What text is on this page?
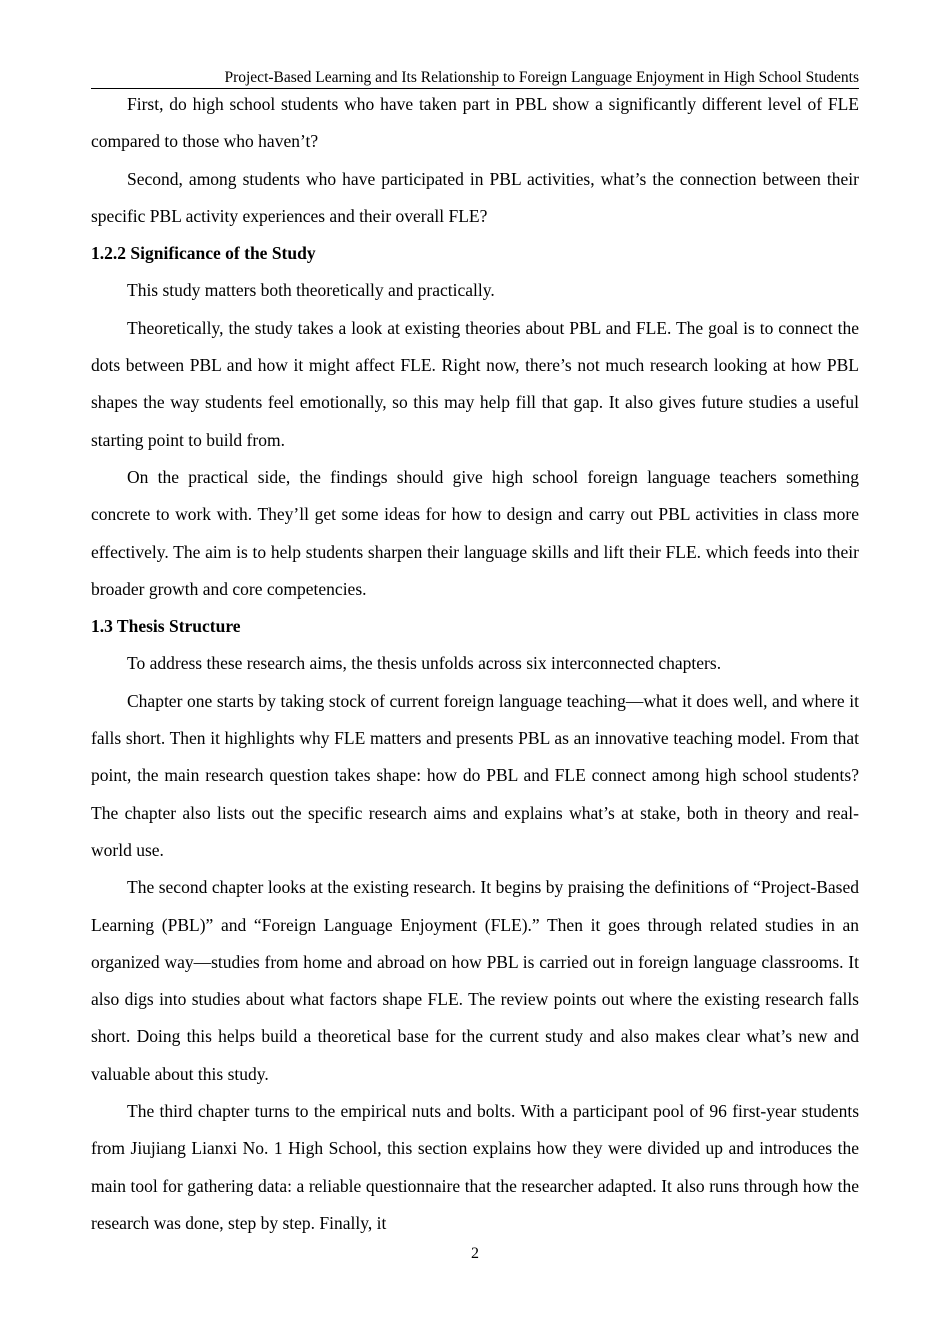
Project-Based Learning and Its Relationship to Foreign Language Enjoyment in High School Students

First, do high school students who have taken part in PBL show a significantly different level of FLE compared to those who haven’t?

Second, among students who have participated in PBL activities, what’s the connection between their specific PBL activity experiences and their overall FLE?

1.2.2 Significance of the Study

This study matters both theoretically and practically.

Theoretically, the study takes a look at existing theories about PBL and FLE. The goal is to connect the dots between PBL and how it might affect FLE. Right now, there’s not much research looking at how PBL shapes the way students feel emotionally, so this may help fill that gap. It also gives future studies a useful starting point to build from.

On the practical side, the findings should give high school foreign language teachers something concrete to work with. They’ll get some ideas for how to design and carry out PBL activities in class more effectively. The aim is to help students sharpen their language skills and lift their FLE. which feeds into their broader growth and core competencies.

1.3 Thesis Structure

To address these research aims, the thesis unfolds across six interconnected chapters.

Chapter one starts by taking stock of current foreign language teaching—what it does well, and where it falls short. Then it highlights why FLE matters and presents PBL as an innovative teaching model. From that point, the main research question takes shape: how do PBL and FLE connect among high school students? The chapter also lists out the specific research aims and explains what’s at stake, both in theory and real-world use.

The second chapter looks at the existing research. It begins by praising the definitions of “Project-Based Learning (PBL)” and “Foreign Language Enjoyment (FLE).” Then it goes through related studies in an organized way—studies from home and abroad on how PBL is carried out in foreign language classrooms. It also digs into studies about what factors shape FLE. The review points out where the existing research falls short. Doing this helps build a theoretical base for the current study and also makes clear what’s new and valuable about this study.

The third chapter turns to the empirical nuts and bolts. With a participant pool of 96 first-year students from Jiujiang Lianxi No. 1 High School, this section explains how they were divided up and introduces the main tool for gathering data: a reliable questionnaire that the researcher adapted. It also runs through how the research was done, step by step. Finally, it

2
